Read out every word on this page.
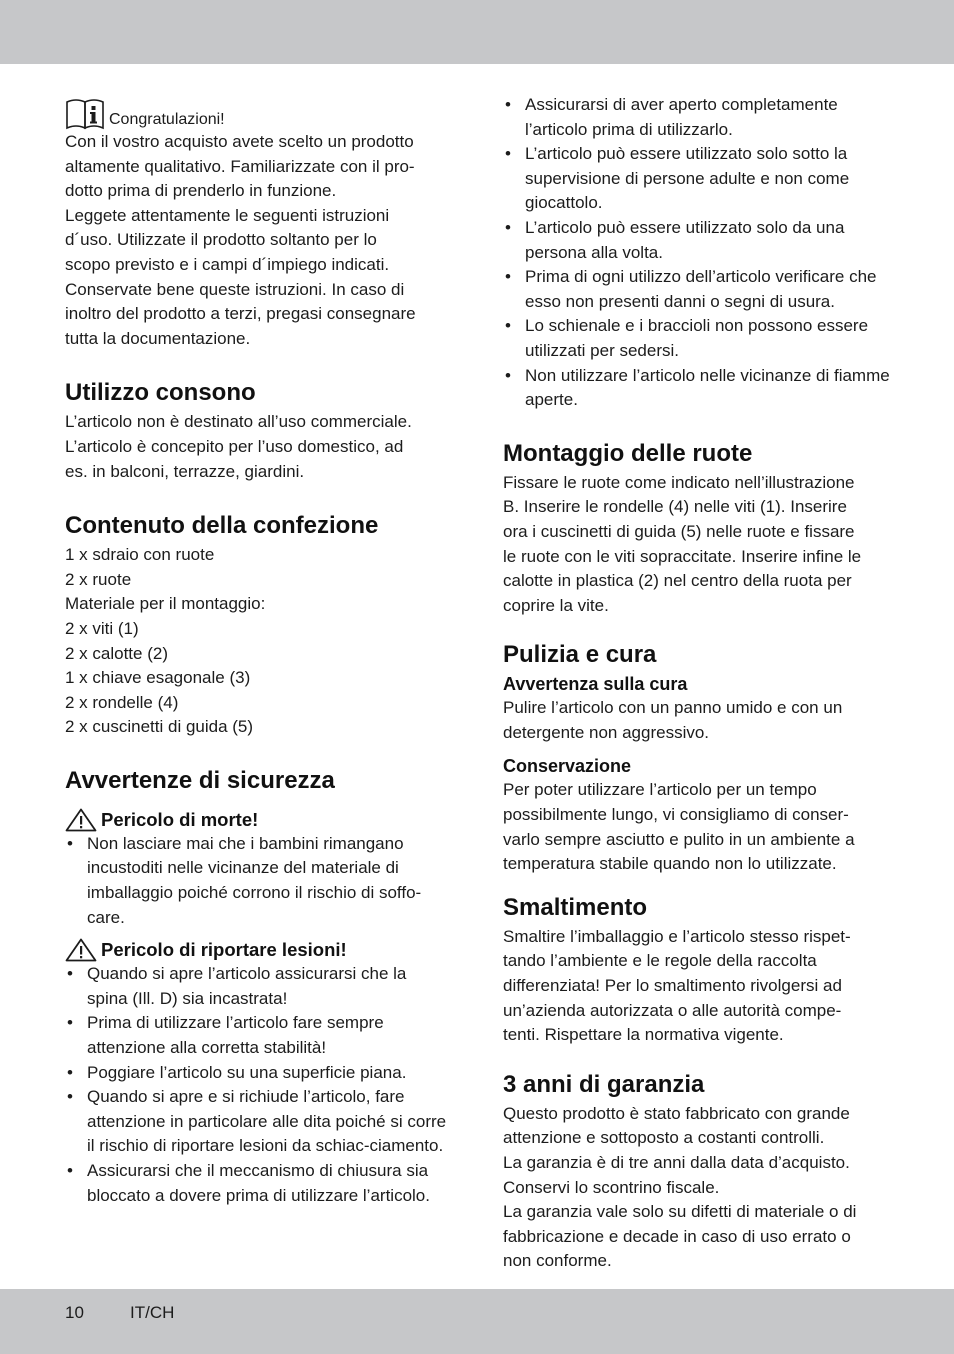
Congratulazioni!

Con il vostro acquisto avete scelto un prodotto

altamente qualitativo. Familiarizzate con il pro-

dotto prima di prenderlo in funzione.

Leggete attentamente le seguenti istruzioni

d´uso. Utilizzate il prodotto soltanto per lo

scopo previsto e i campi d´impiego indicati.

Conservate bene queste istruzioni. In caso di

inoltro del prodotto a terzi, pregasi consegnare

tutta la documentazione.

Utilizzo consono

L’articolo non è destinato all’uso commerciale.

L’articolo è concepito per l’uso domestico, ad

es. in balconi, terrazze, giardini.

Contenuto della confezione

1 x sdraio con ruote

2 x ruote

Materiale per il montaggio:

2 x viti (1)

2 x calotte (2)

1 x chiave esagonale (3)

2 x rondelle (4)

2 x cuscinetti di guida (5)

Avvertenze di sicurezza
Pericolo di morte!
• Non lasciare mai che i bambini rimangano incustoditi nelle vicinanze del materiale di imballaggio poiché corrono il rischio di soffo-care.
Pericolo di riportare lesioni!
• Quando si apre l’articolo assicurarsi che la spina (Ill. D) sia incastrata!
• Prima di utilizzare l’articolo fare sempre attenzione alla corretta stabilità!
• Poggiare l’articolo su una superficie piana.
• Quando si apre e si richiude l’articolo, fare attenzione in particolare alle dita poiché si corre il rischio di riportare lesioni da schiac-ciamento.
• Assicurarsi che il meccanismo di chiusura sia bloccato a dovere prima di utilizzare l’articolo.
• Assicurarsi di aver aperto completamente l’articolo prima di utilizzarlo.
• L’articolo può essere utilizzato solo sotto la supervisione di persone adulte e non come giocattolo.
• L’articolo può essere utilizzato solo da una persona alla volta.
• Prima di ogni utilizzo dell’articolo verificare che esso non presenti danni o segni di usura.
• Lo schienale e i braccioli non possono essere utilizzati per sedersi.
• Non utilizzare l’articolo nelle vicinanze di fiamme aperte.
Montaggio delle ruote

Fissare le ruote come indicato nell’illustrazione

B. Inserire le rondelle (4) nelle viti (1). Inserire

ora i cuscinetti di guida (5) nelle ruote e fissare

le ruote con le viti sopraccitate. Inserire infine le

calotte in plastica (2) nel centro della ruota per

coprire la vite.

Pulizia e cura
Avvertenza sulla cura

Pulire l’articolo con un panno umido e con un

detergente non aggressivo.

Conservazione

Per poter utilizzare l’articolo per un tempo

possibilmente lungo, vi consigliamo di conser-

varlo sempre asciutto e pulito in un ambiente a

temperatura stabile quando non lo utilizzate.

Smaltimento

Smaltire l’imballaggio e l’articolo stesso rispet-

tando l’ambiente e le regole della raccolta

differenziata! Per lo smaltimento rivolgersi ad

un’azienda autorizzata o alle autorità compe-

tenti. Rispettare la normativa vigente.

3 anni di garanzia

Questo prodotto è stato fabbricato con grande

attenzione e sottoposto a costanti controlli.

La garanzia è di tre anni dalla data d’acquisto.

Conservi lo scontrino fiscale.

La garanzia vale solo su difetti di materiale o di

fabbricazione e decade in caso di uso errato o

non conforme.

10	IT/CH
